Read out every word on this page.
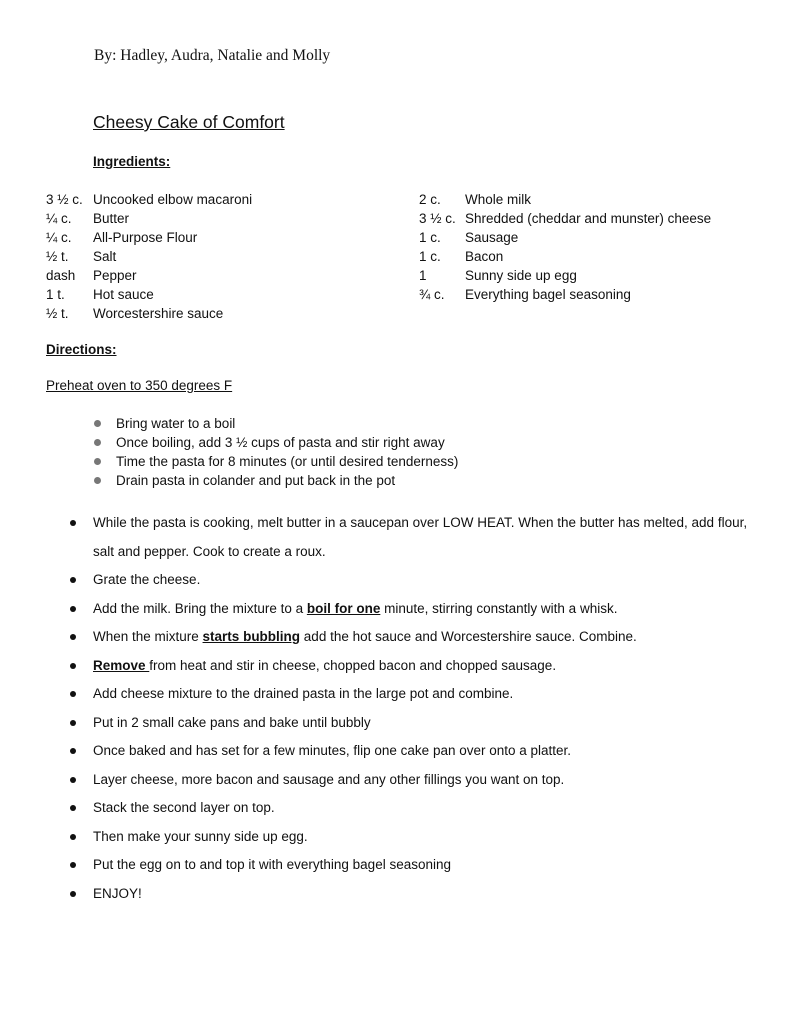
By: Hadley, Audra, Natalie and Molly
Cheesy Cake of Comfort
Ingredients:
3 ½ c. Uncooked elbow macaroni
¼ c.	Butter
¼ c.	All-Purpose Flour
½ t.	Salt
dash	Pepper
1 t.	Hot sauce
½ t.	Worcestershire sauce
2 c.	Whole milk
3 ½ c. Shredded (cheddar and munster) cheese
1 c.	Sausage
1 c.	Bacon
1	Sunny side up egg
¾ c.	Everything bagel seasoning
Directions:
Preheat oven to 350 degrees F
Bring water to a boil
Once boiling, add 3 ½ cups of pasta and stir right away
Time the pasta for 8 minutes (or until desired tenderness)
Drain pasta in colander and put back in the pot
While the pasta is cooking, melt butter in a saucepan over LOW HEAT. When the butter has melted, add flour, salt and pepper. Cook to create a roux.
Grate the cheese.
Add the milk. Bring the mixture to a boil for one minute, stirring constantly with a whisk.
When the mixture starts bubbling add the hot sauce and Worcestershire sauce. Combine.
Remove from heat and stir in cheese, chopped bacon and chopped sausage.
Add cheese mixture to the drained pasta in the large pot and combine.
Put in 2 small cake pans and bake until bubbly
Once baked and has set for a few minutes, flip one cake pan over onto a platter.
Layer cheese, more bacon and sausage and any other fillings you want on top.
Stack the second layer on top.
Then make your sunny side up egg.
Put the egg on to and top it with everything bagel seasoning
ENJOY!
